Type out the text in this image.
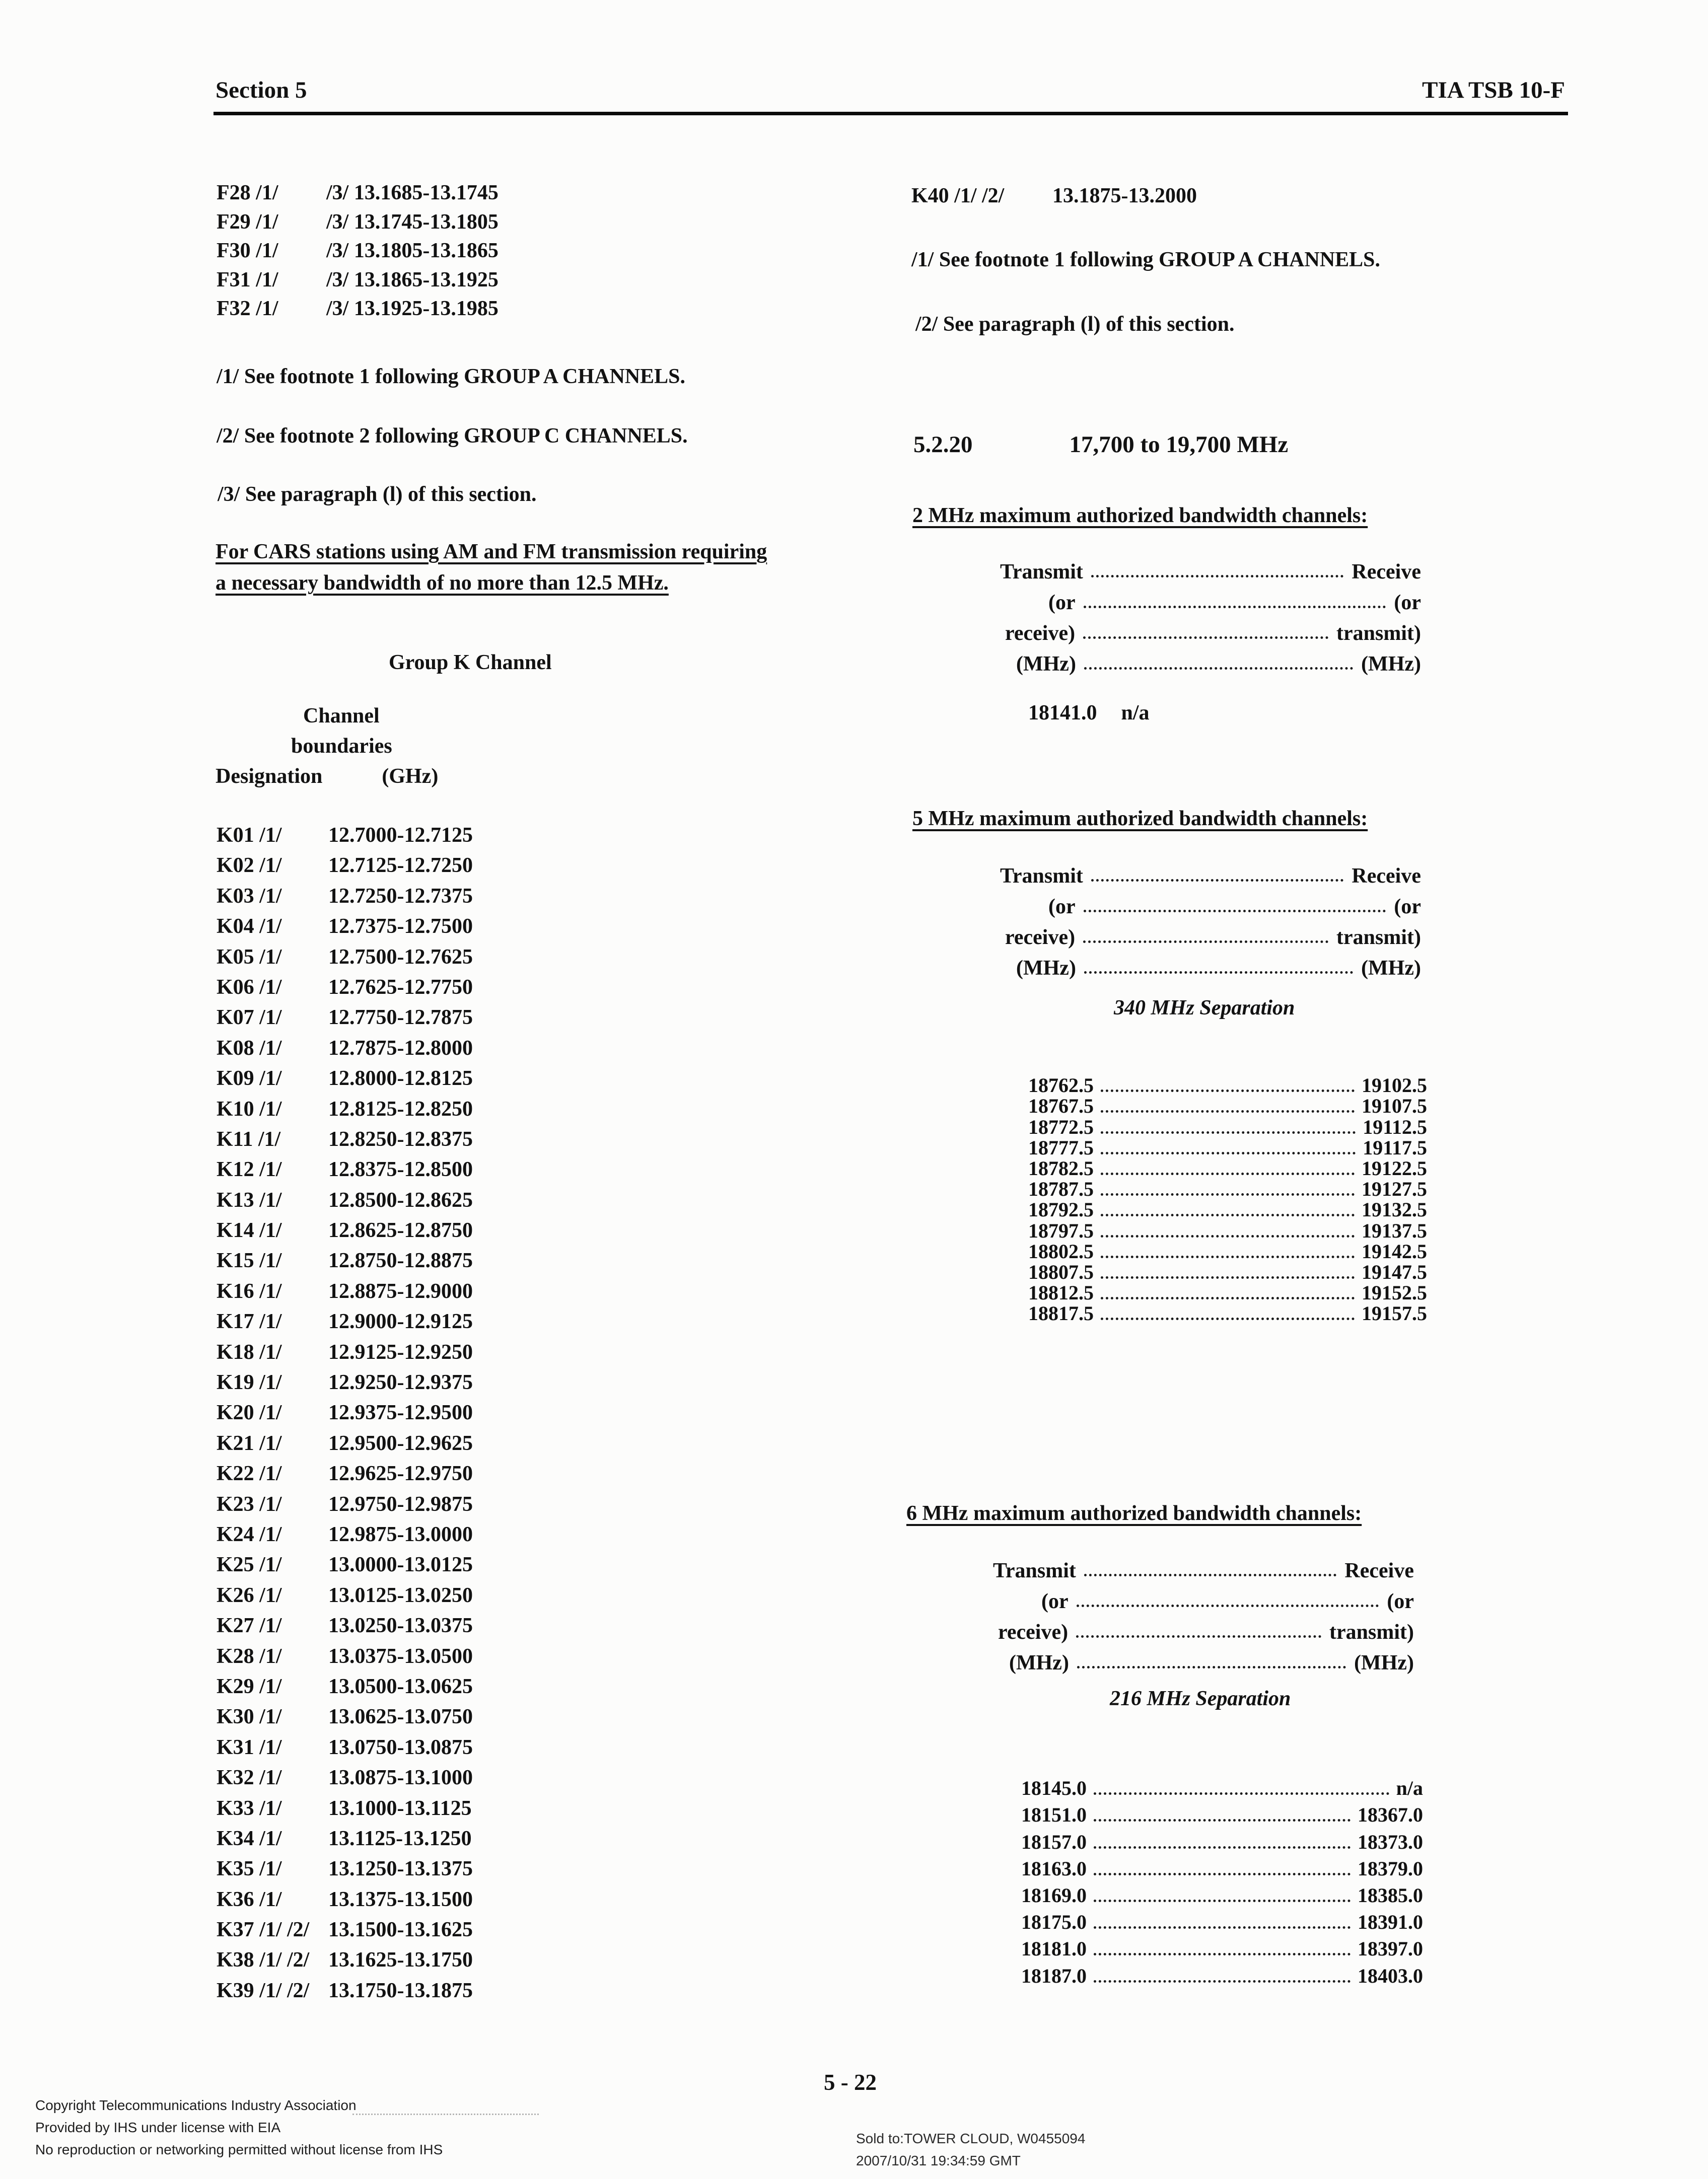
Section 5	TIA TSB 10-F
F28 /1/	/3/ 13.1685-13.1745
F29 /1/	/3/ 13.1745-13.1805
F30 /1/	/3/ 13.1805-13.1865
F31 /1/	/3/ 13.1865-13.1925
F32 /1/	/3/ 13.1925-13.1985
/1/ See footnote 1 following GROUP A CHANNELS.
/2/ See footnote 2 following GROUP C CHANNELS.
/3/ See paragraph (l) of this section.
For CARS stations using AM and FM transmission requiring
a necessary bandwidth of no more than 12.5 MHz.
Group K Channel
Channel
boundaries
Designation	(GHz)
K01 /1/	12.7000-12.7125
K02 /1/	12.7125-12.7250
K03 /1/	12.7250-12.7375
K04 /1/	12.7375-12.7500
K05 /1/	12.7500-12.7625
K06 /1/	12.7625-12.7750
K07 /1/	12.7750-12.7875
K08 /1/	12.7875-12.8000
K09 /1/	12.8000-12.8125
K10 /1/	12.8125-12.8250
K11 /1/	12.8250-12.8375
K12 /1/	12.8375-12.8500
K13 /1/	12.8500-12.8625
K14 /1/	12.8625-12.8750
K15 /1/	12.8750-12.8875
K16 /1/	12.8875-12.9000
K17 /1/	12.9000-12.9125
K18 /1/	12.9125-12.9250
K19 /1/	12.9250-12.9375
K20 /1/	12.9375-12.9500
K21 /1/	12.9500-12.9625
K22 /1/	12.9625-12.9750
K23 /1/	12.9750-12.9875
K24 /1/	12.9875-13.0000
K25 /1/	13.0000-13.0125
K26 /1/	13.0125-13.0250
K27 /1/	13.0250-13.0375
K28 /1/	13.0375-13.0500
K29 /1/	13.0500-13.0625
K30 /1/	13.0625-13.0750
K31 /1/	13.0750-13.0875
K32 /1/	13.0875-13.1000
K33 /1/	13.1000-13.1125
K34 /1/	13.1125-13.1250
K35 /1/	13.1250-13.1375
K36 /1/	13.1375-13.1500
K37 /1/ /2/ 13.1500-13.1625
K38 /1/ /2/ 13.1625-13.1750
K39 /1/ /2/ 13.1750-13.1875
K40 /1/ /2/	13.1875-13.2000
/1/ See footnote 1 following GROUP A CHANNELS.
/2/ See paragraph (l) of this section.
5.2.20	17,700 to 19,700 MHz
2 MHz maximum authorized bandwidth channels:
Transmit	Receive
(or	(or
receive)	transmit)
(MHz)	(MHz)
18141.0 n/a
5 MHz maximum authorized bandwidth channels:
Transmit	Receive
(or	(or
receive)	transmit)
(MHz)	(MHz)
340 MHz Separation
18762.5	19102.5
18767.5	19107.5
18772.5	19112.5
18777.5	19117.5
18782.5	19122.5
18787.5	19127.5
18792.5	19132.5
18797.5	19137.5
18802.5	19142.5
18807.5	19147.5
18812.5	19152.5
18817.5	19157.5
6 MHz maximum authorized bandwidth channels:
Transmit	Receive
(or	(or
receive)	transmit)
(MHz)	(MHz)
216 MHz Separation
18145.0	n/a
18151.0	18367.0
18157.0	18373.0
18163.0	18379.0
18169.0	18385.0
18175.0	18391.0
18181.0	18397.0
18187.0	18403.0
5 - 22
Copyright Telecommunications Industry Association
Provided by IHS under license with EIA
No reproduction or networking permitted without license from IHS
Sold to:TOWER CLOUD, W0455094
2007/10/31 19:34:59 GMT
